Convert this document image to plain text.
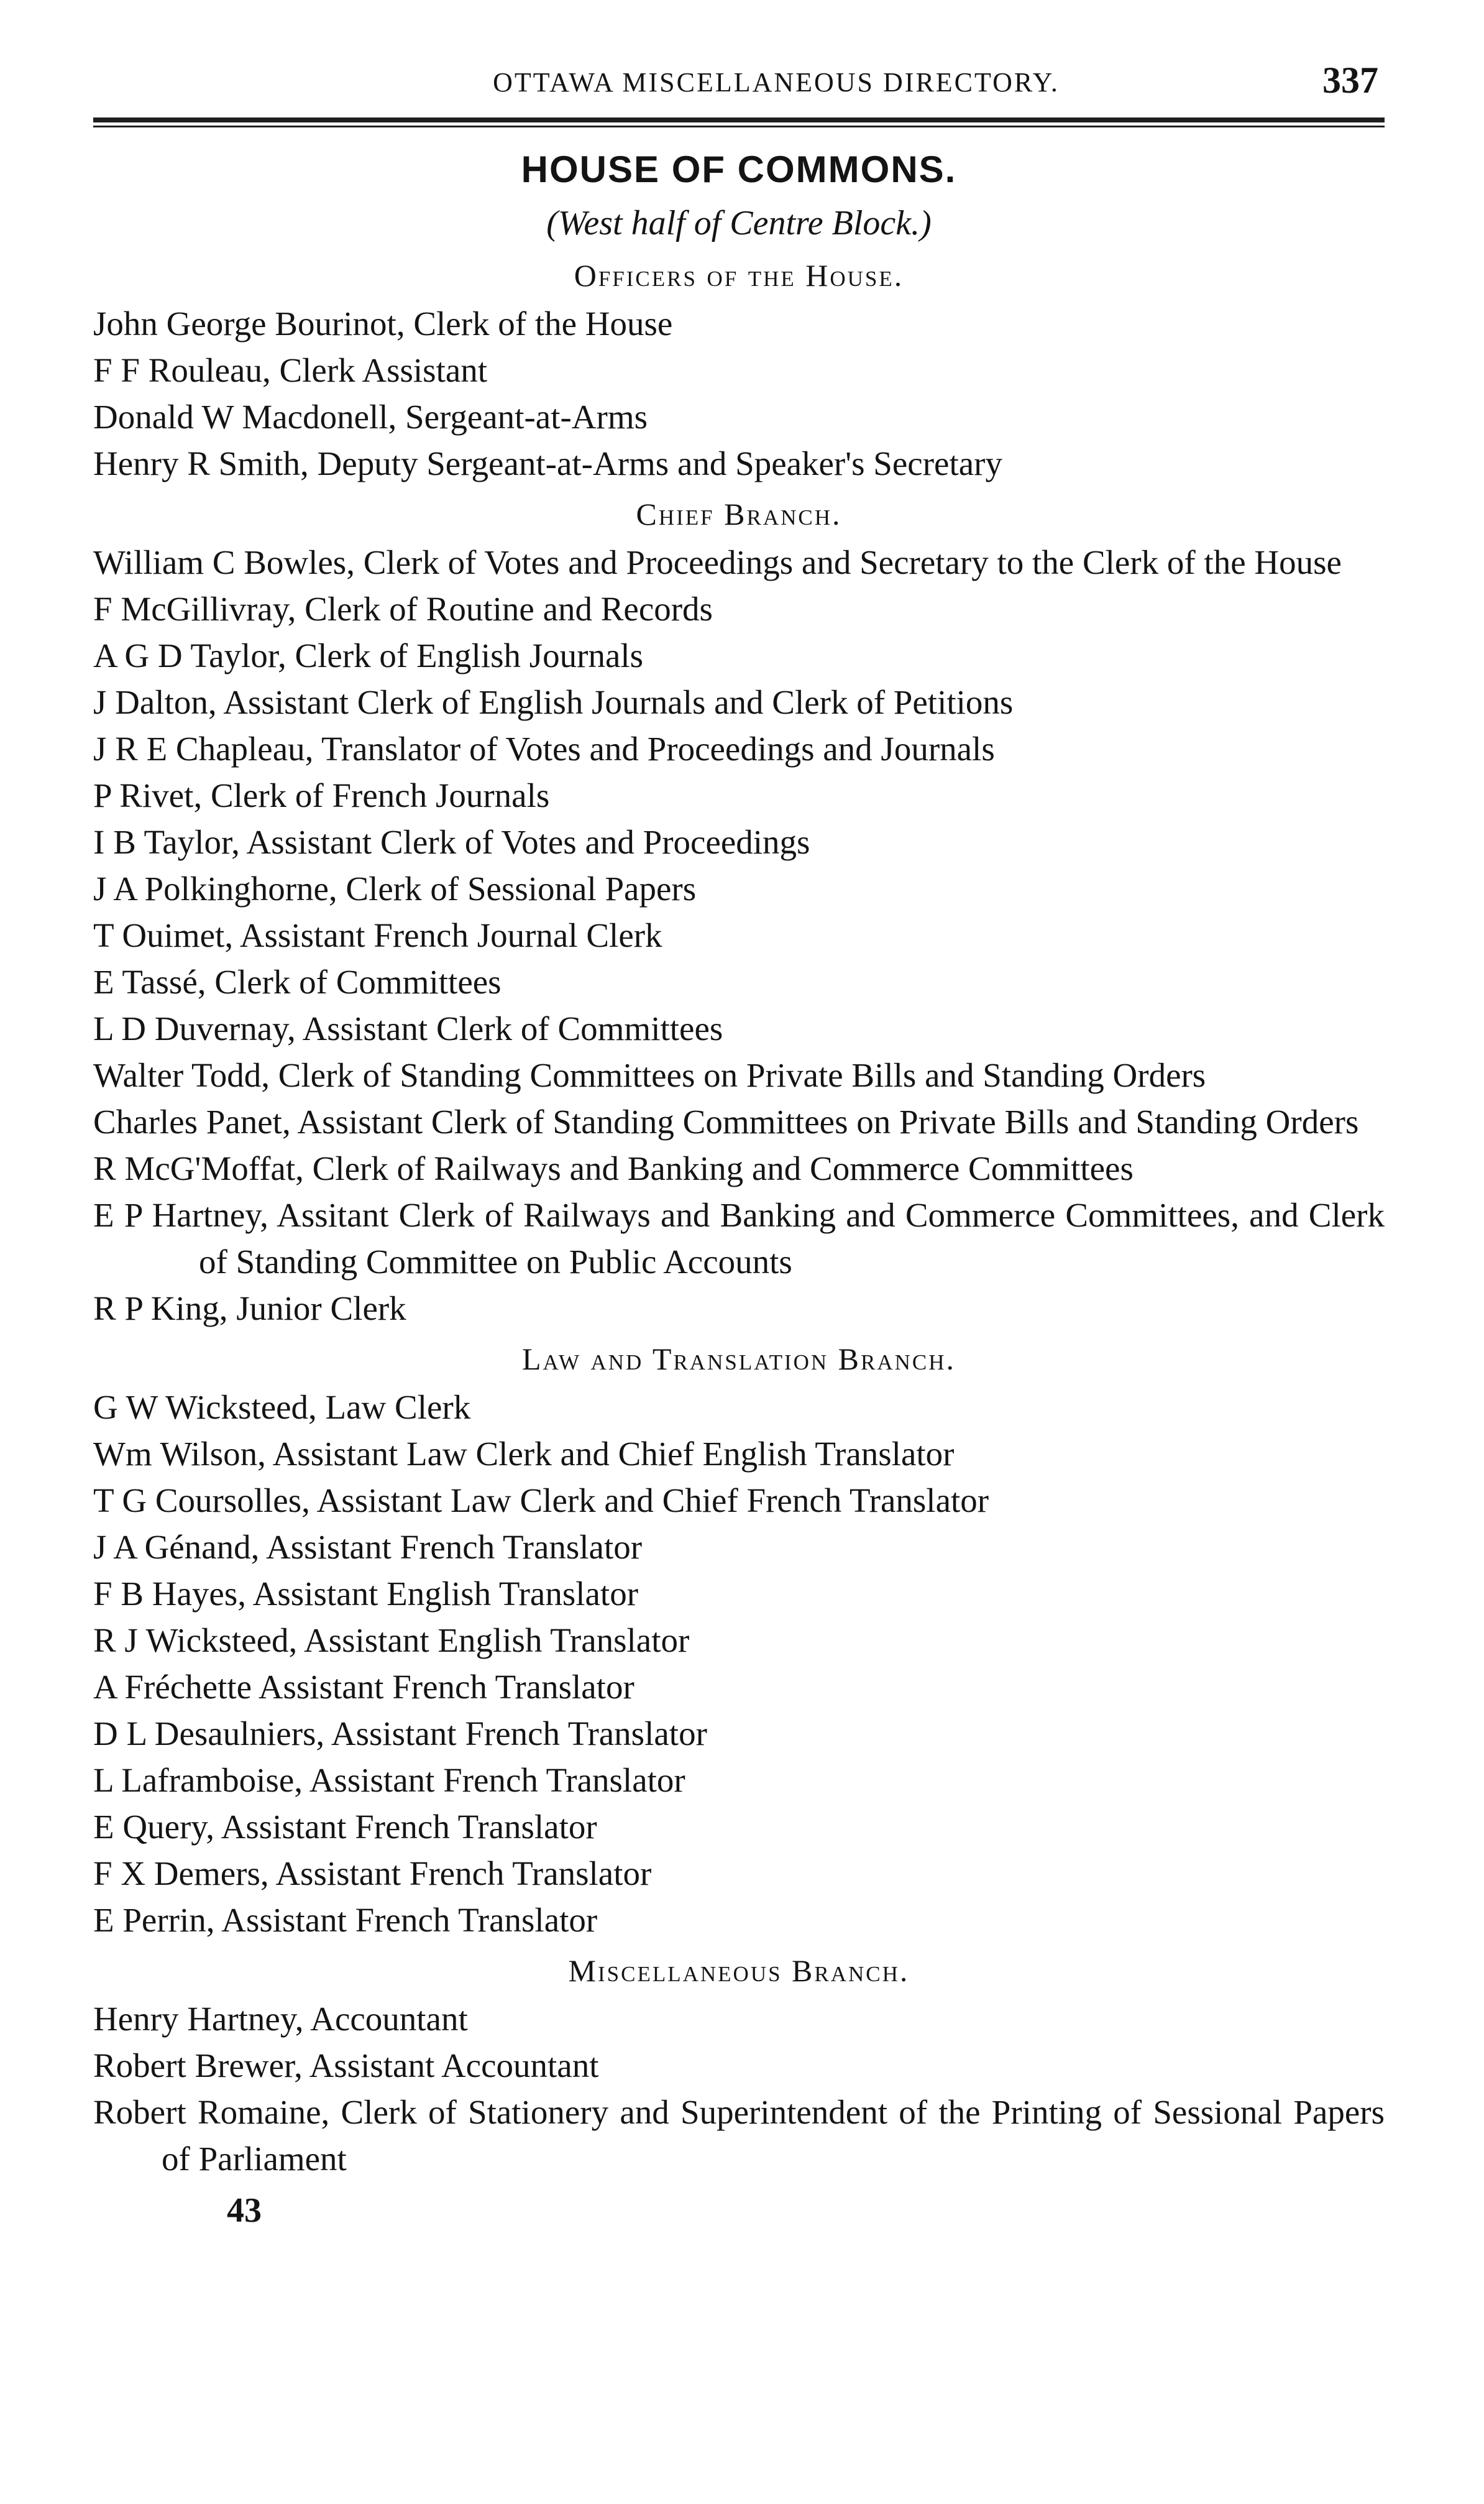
OTTAWA MISCELLANEOUS DIRECTORY.	337
HOUSE OF COMMONS.
(West half of Centre Block.)
Officers of the House.
John George Bourinot, Clerk of the House
F F Rouleau, Clerk Assistant
Donald W Macdonell, Sergeant-at-Arms
Henry R Smith, Deputy Sergeant-at-Arms and Speaker's Secretary
Chief Branch.
William C Bowles, Clerk of Votes and Proceedings and Secretary to the Clerk of the House
F McGillivray, Clerk of Routine and Records
A G D Taylor, Clerk of English Journals
J Dalton, Assistant Clerk of English Journals and Clerk of Petitions
J R E Chapleau, Translator of Votes and Proceedings and Journals
P Rivet, Clerk of French Journals
I B Taylor, Assistant Clerk of Votes and Proceedings
J A Polkinghorne, Clerk of Sessional Papers
T Ouimet, Assistant French Journal Clerk
E Tassé, Clerk of Committees
L D Duvernay, Assistant Clerk of Committees
Walter Todd, Clerk of Standing Committees on Private Bills and Standing Orders
Charles Panet, Assistant Clerk of Standing Committees on Private Bills and Standing Orders
R McG'Moffat, Clerk of Railways and Banking and Commerce Committees
E P Hartney, Assitant Clerk of Railways and Banking and Commerce Committees, and Clerk of Standing Committee on Public Accounts
R P King, Junior Clerk
Law and Translation Branch.
G W Wicksteed, Law Clerk
Wm Wilson, Assistant Law Clerk and Chief English Translator
T G Coursolles, Assistant Law Clerk and Chief French Translator
J A Génand, Assistant French Translator
F B Hayes, Assistant English Translator
R J Wicksteed, Assistant English Translator
A Fréchette Assistant French Translator
D L Desaulniers, Assistant French Translator
L Laframboise, Assistant French Translator
E Query, Assistant French Translator
F X Demers, Assistant French Translator
E Perrin, Assistant French Translator
Miscellaneous Branch.
Henry Hartney, Accountant
Robert Brewer, Assistant Accountant
Robert Romaine, Clerk of Stationery and Superintendent of the Printing of Sessional Papers of Parliament
43
